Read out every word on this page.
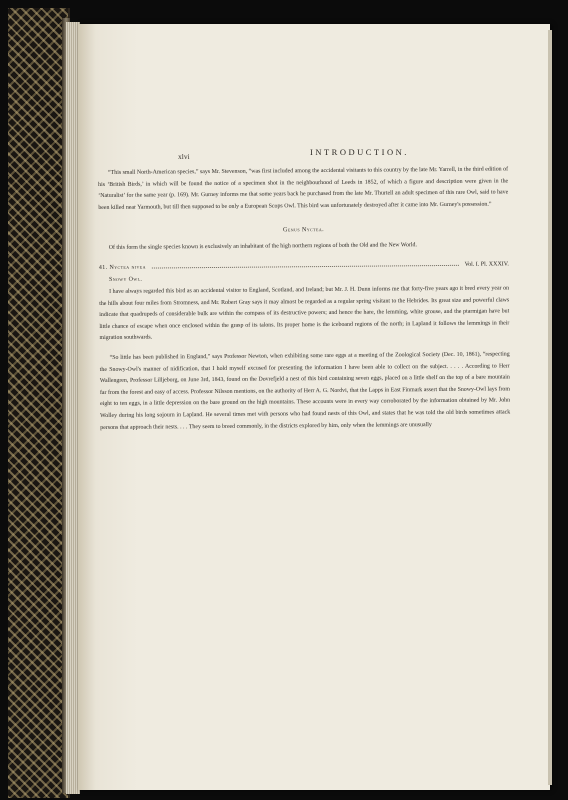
xlvi	INTRODUCTION.

“This small North-American species,” says Mr. Stevenson, “was first included among the accidental visitants to this country by the late Mr. Yarrell, in the third edition of his ‘British Birds,’ in which will be found the notice of a specimen shot in the neighbourhood of Leeds in 1852, of which a figure and description were given in the ‘Naturalist’ for the same year (p. 169). Mr. Gurney informs me that some years back he purchased from the late Mr. Thurtell an adult specimen of this rare Owl, said to have been killed near Yarmouth, but till then supposed to be only a European Scops Owl. This bird was unfortunately destroyed after it came into Mr. Gurney's possession.”

Genus Nyctea.

Of this form the single species known is exclusively an inhabitant of the high northern regions of both the Old and the New World.

41. Nyctea nivea	Vol. I. Pl. XXXIV.
Snowy Owl.

I have always regarded this bird as an accidental visitor to England, Scotland, and Ireland; but Mr. J. H. Dunn informs me that forty-five years ago it bred every year on the hills about four miles from Stromness, and Mr. Robert Gray says it may almost be regarded as a regular spring visitant to the Hebrides. Its great size and powerful claws indicate that quadrupeds of considerable bulk are within the compass of its destructive powers; and hence the hare, the lemming, white grouse, and the ptarmigan have but little chance of escape when once enclosed within the grasp of its talons. Its proper home is the iceboand regions of the north; in Lapland it follows the lemmings in their migration southwards.

“So little has been published in England,” says Professor Newton, when exhibiting some rare eggs at a meeting of the Zoological Society (Dec. 10, 1861), “respecting the Snowy-Owl's manner of nidification, that I hold myself excused for presenting the information I have been able to collect on the subject. . . . . According to Herr Wallengren, Professor Lilljeborg, on June 3rd, 1843, found on the Dovrefjeld a nest of this bird containing seven eggs, placed on a little shelf on the top of a bare mountain far from the forest and easy of access. Professor Nilsson mentions, on the authority of Herr A. G. Nordvi, that the Lapps in East Finmark assert that the Snowy-Owl lays from eight to ten eggs, in a little depression on the bare ground on the high mountains. These accounts were in every way corroborated by the information obtained by Mr. John Wolley during his long sojourn in Lapland. He several times met with persons who had found nests of this Owl, and states that he was told the old birds sometimes attack persons that approach their nests. . . . They seem to breed commonly, in the districts explored by him, only when the lemmings are unusually
